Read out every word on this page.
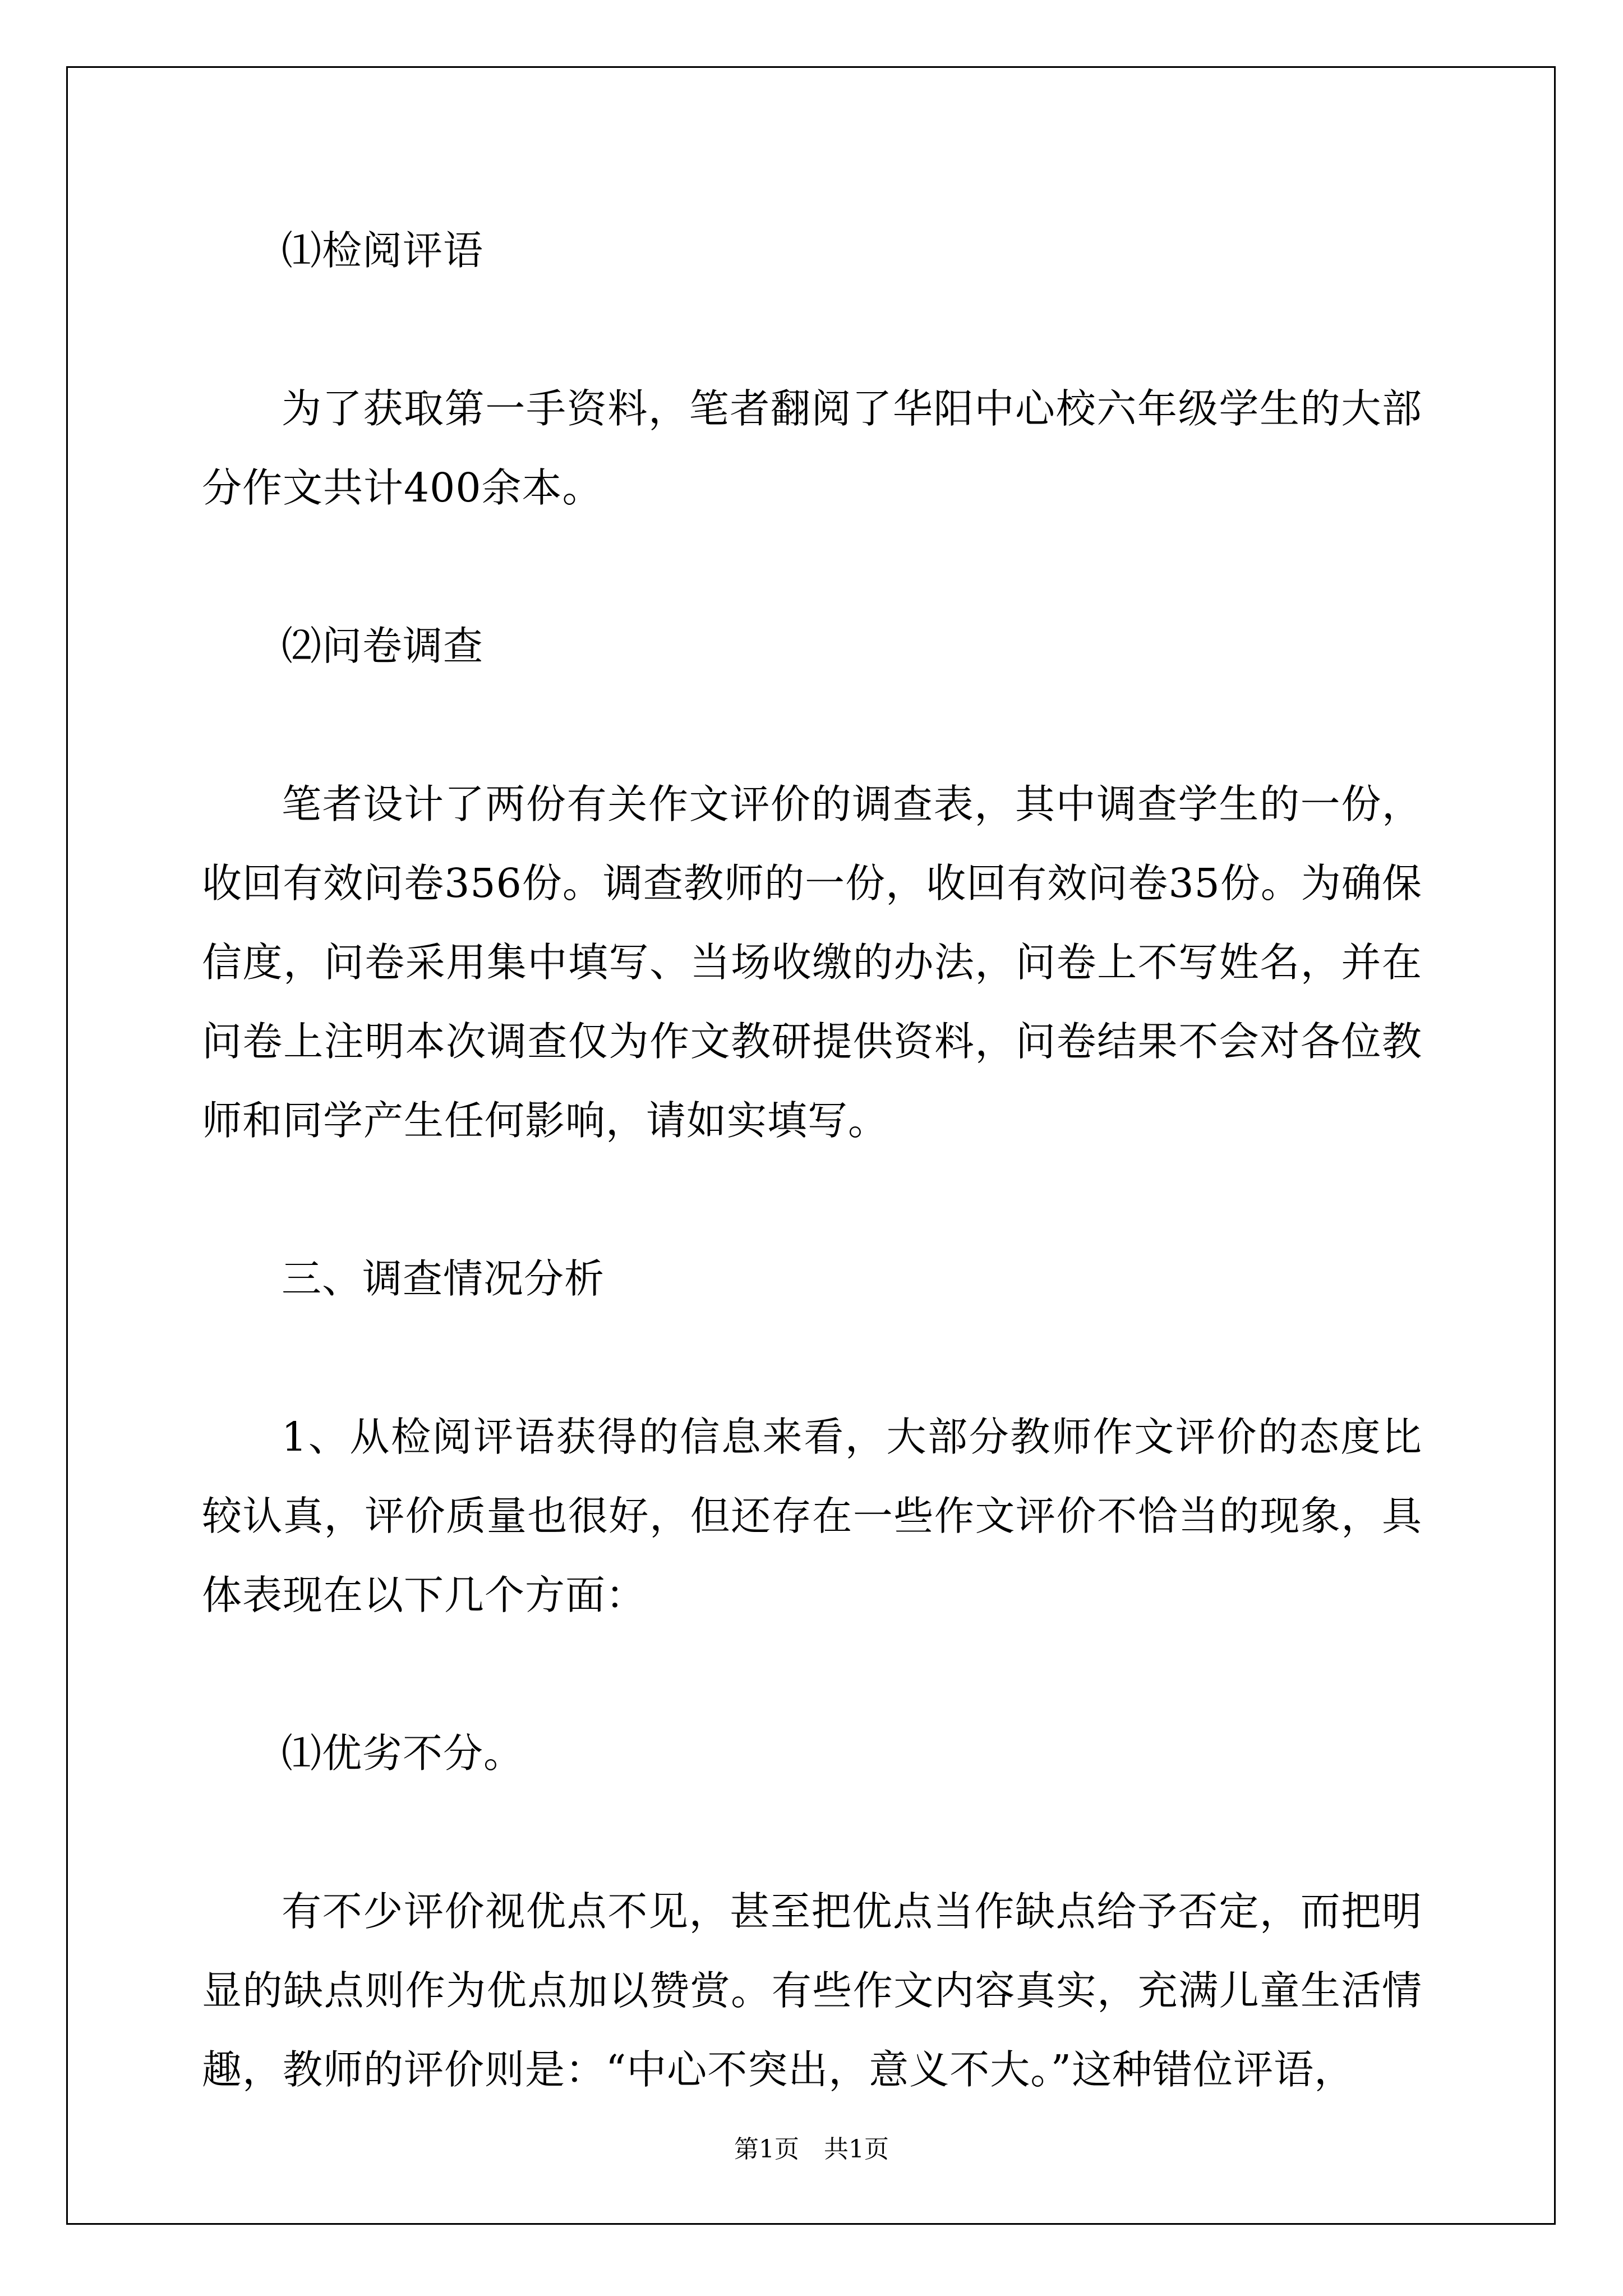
⑴检阅评语

为了获取第一手资料，笔者翻阅了华阳中心校六年级学生的大部分作文共计400余本。

⑵问卷调查

笔者设计了两份有关作文评价的调查表，其中调查学生的一份，收回有效问卷356份。调查教师的一份，收回有效问卷35份。为确保信度，问卷采用集中填写、当场收缴的办法，问卷上不写姓名，并在问卷上注明本次调查仅为作文教研提供资料，问卷结果不会对各位教师和同学产生任何影响，请如实填写。

三、调查情况分析

1、从检阅评语获得的信息来看，大部分教师作文评价的态度比较认真，评价质量也很好，但还存在一些作文评价不恰当的现象，具体表现在以下几个方面：

⑴优劣不分。

有不少评价视优点不见，甚至把优点当作缺点给予否定，而把明显的缺点则作为优点加以赞赏。有些作文内容真实，充满儿童生活情趣，教师的评价则是：“中心不突出，意义不大。”这种错位评语，

第1页 共1页
